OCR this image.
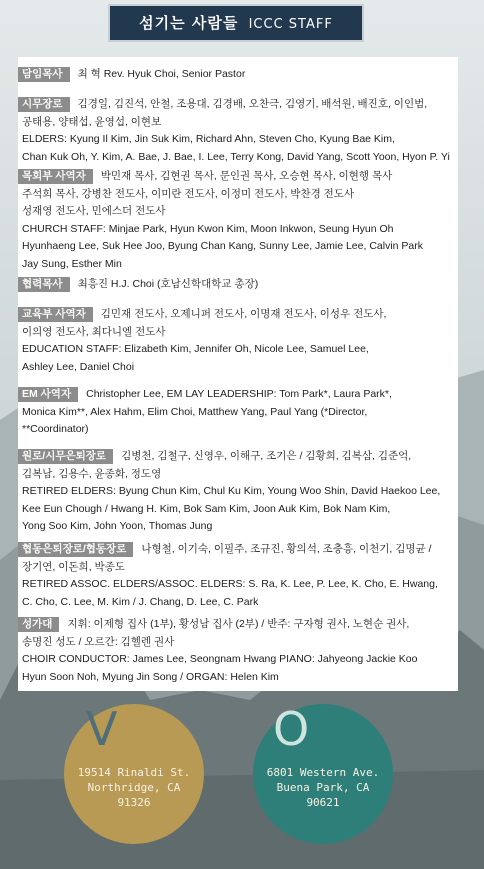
섬기는 사람들 ICCC STAFF
담임목사 최 혁 Rev. Hyuk Choi, Senior Pastor
시무장로 김경일, 김진석, 안철, 조용대, 김경배, 오찬극, 김영기, 배석원, 배진호, 이인범,
공태용, 양태섭, 윤영섭, 이현보
ELDERS: Kyung Il Kim, Jin Suk Kim, Richard Ahn, Steven Cho, Kyung Bae Kim,
Chan Kuk Oh, Y. Kim, A. Bae, J. Bae, I. Lee, Terry Kong, David Yang, Scott Yoon, Hyon P. Yi
목회부 사역자 박민재 목사, 김현권 목사, 문인권 목사, 오승현 목사, 이현행 목사
주석희 목사, 강병찬 전도사, 이미란 전도사, 이정미 전도사, 박찬경 전도사
성재영 전도사, 민에스더 전도사
CHURCH STAFF: Minjae Park, Hyun Kwon Kim, Moon Inkwon, Seung Hyun Oh
Hyunhaeng Lee, Suk Hee Joo, Byung Chan Kang, Sunny Lee, Jamie Lee, Calvin Park
Jay Sung, Esther Min
협력목사 최흥진 H.J. Choi (호남신학대학교 총장)
교육부 사역자 김민재 전도사, 오제니퍼 전도사, 이명재 전도사, 이성우 전도사,
이의영 전도사, 최다니엘 전도사
EDUCATION STAFF: Elizabeth Kim, Jennifer Oh, Nicole Lee, Samuel Lee,
Ashley Lee, Daniel Choi
EM 사역자 Christopher Lee, EM LAY LEADERSHIP: Tom Park*, Laura Park*,
Monica Kim**, Alex Hahm, Elim Choi, Matthew Yang, Paul Yang (*Director,
**Coordinator)
원로/시무은퇴장로 김병천, 김철구, 신영우, 이해구, 조기은 / 김황희, 김복삼, 김준억,
김복남, 김용수, 윤종화, 정도영
RETIRED ELDERS: Byung Chun Kim, Chul Ku Kim, Young Woo Shin, David Haekoo Lee,
Kee Eun Chough / Hwang H. Kim, Bok Sam Kim, Joon Auk Kim, Bok Nam Kim,
Yong Soo Kim, John Yoon, Thomas Jung
협동은퇴장로/협동장로 나형철, 이기숙, 이필주, 조규진, 황의석, 조충흥, 이천기, 김명균 /
장기연, 이돈희, 박종도
RETIRED ASSOC. ELDERS/ASSOC. ELDERS: S. Ra, K. Lee, P. Lee, K. Cho, E. Hwang,
C. Cho, C. Lee, M. Kim / J. Chang, D. Lee, C. Park
성가대 지휘: 이제형 집사 (1부), 황성남 집사 (2부) / 반주: 구자형 권사, 노현순 권사,
송명진 성도 / 오르간: 김헬렌 권사
CHOIR CONDUCTOR: James Lee, Seongnam Hwang PIANO: Jahyeong Jackie Koo
Hyun Soon Noh, Myung Jin Song / ORGAN: Helen Kim
V
19514 Rinaldi St.
Northridge, CA
91326
O
6801 Western Ave.
Buena Park, CA
90621
